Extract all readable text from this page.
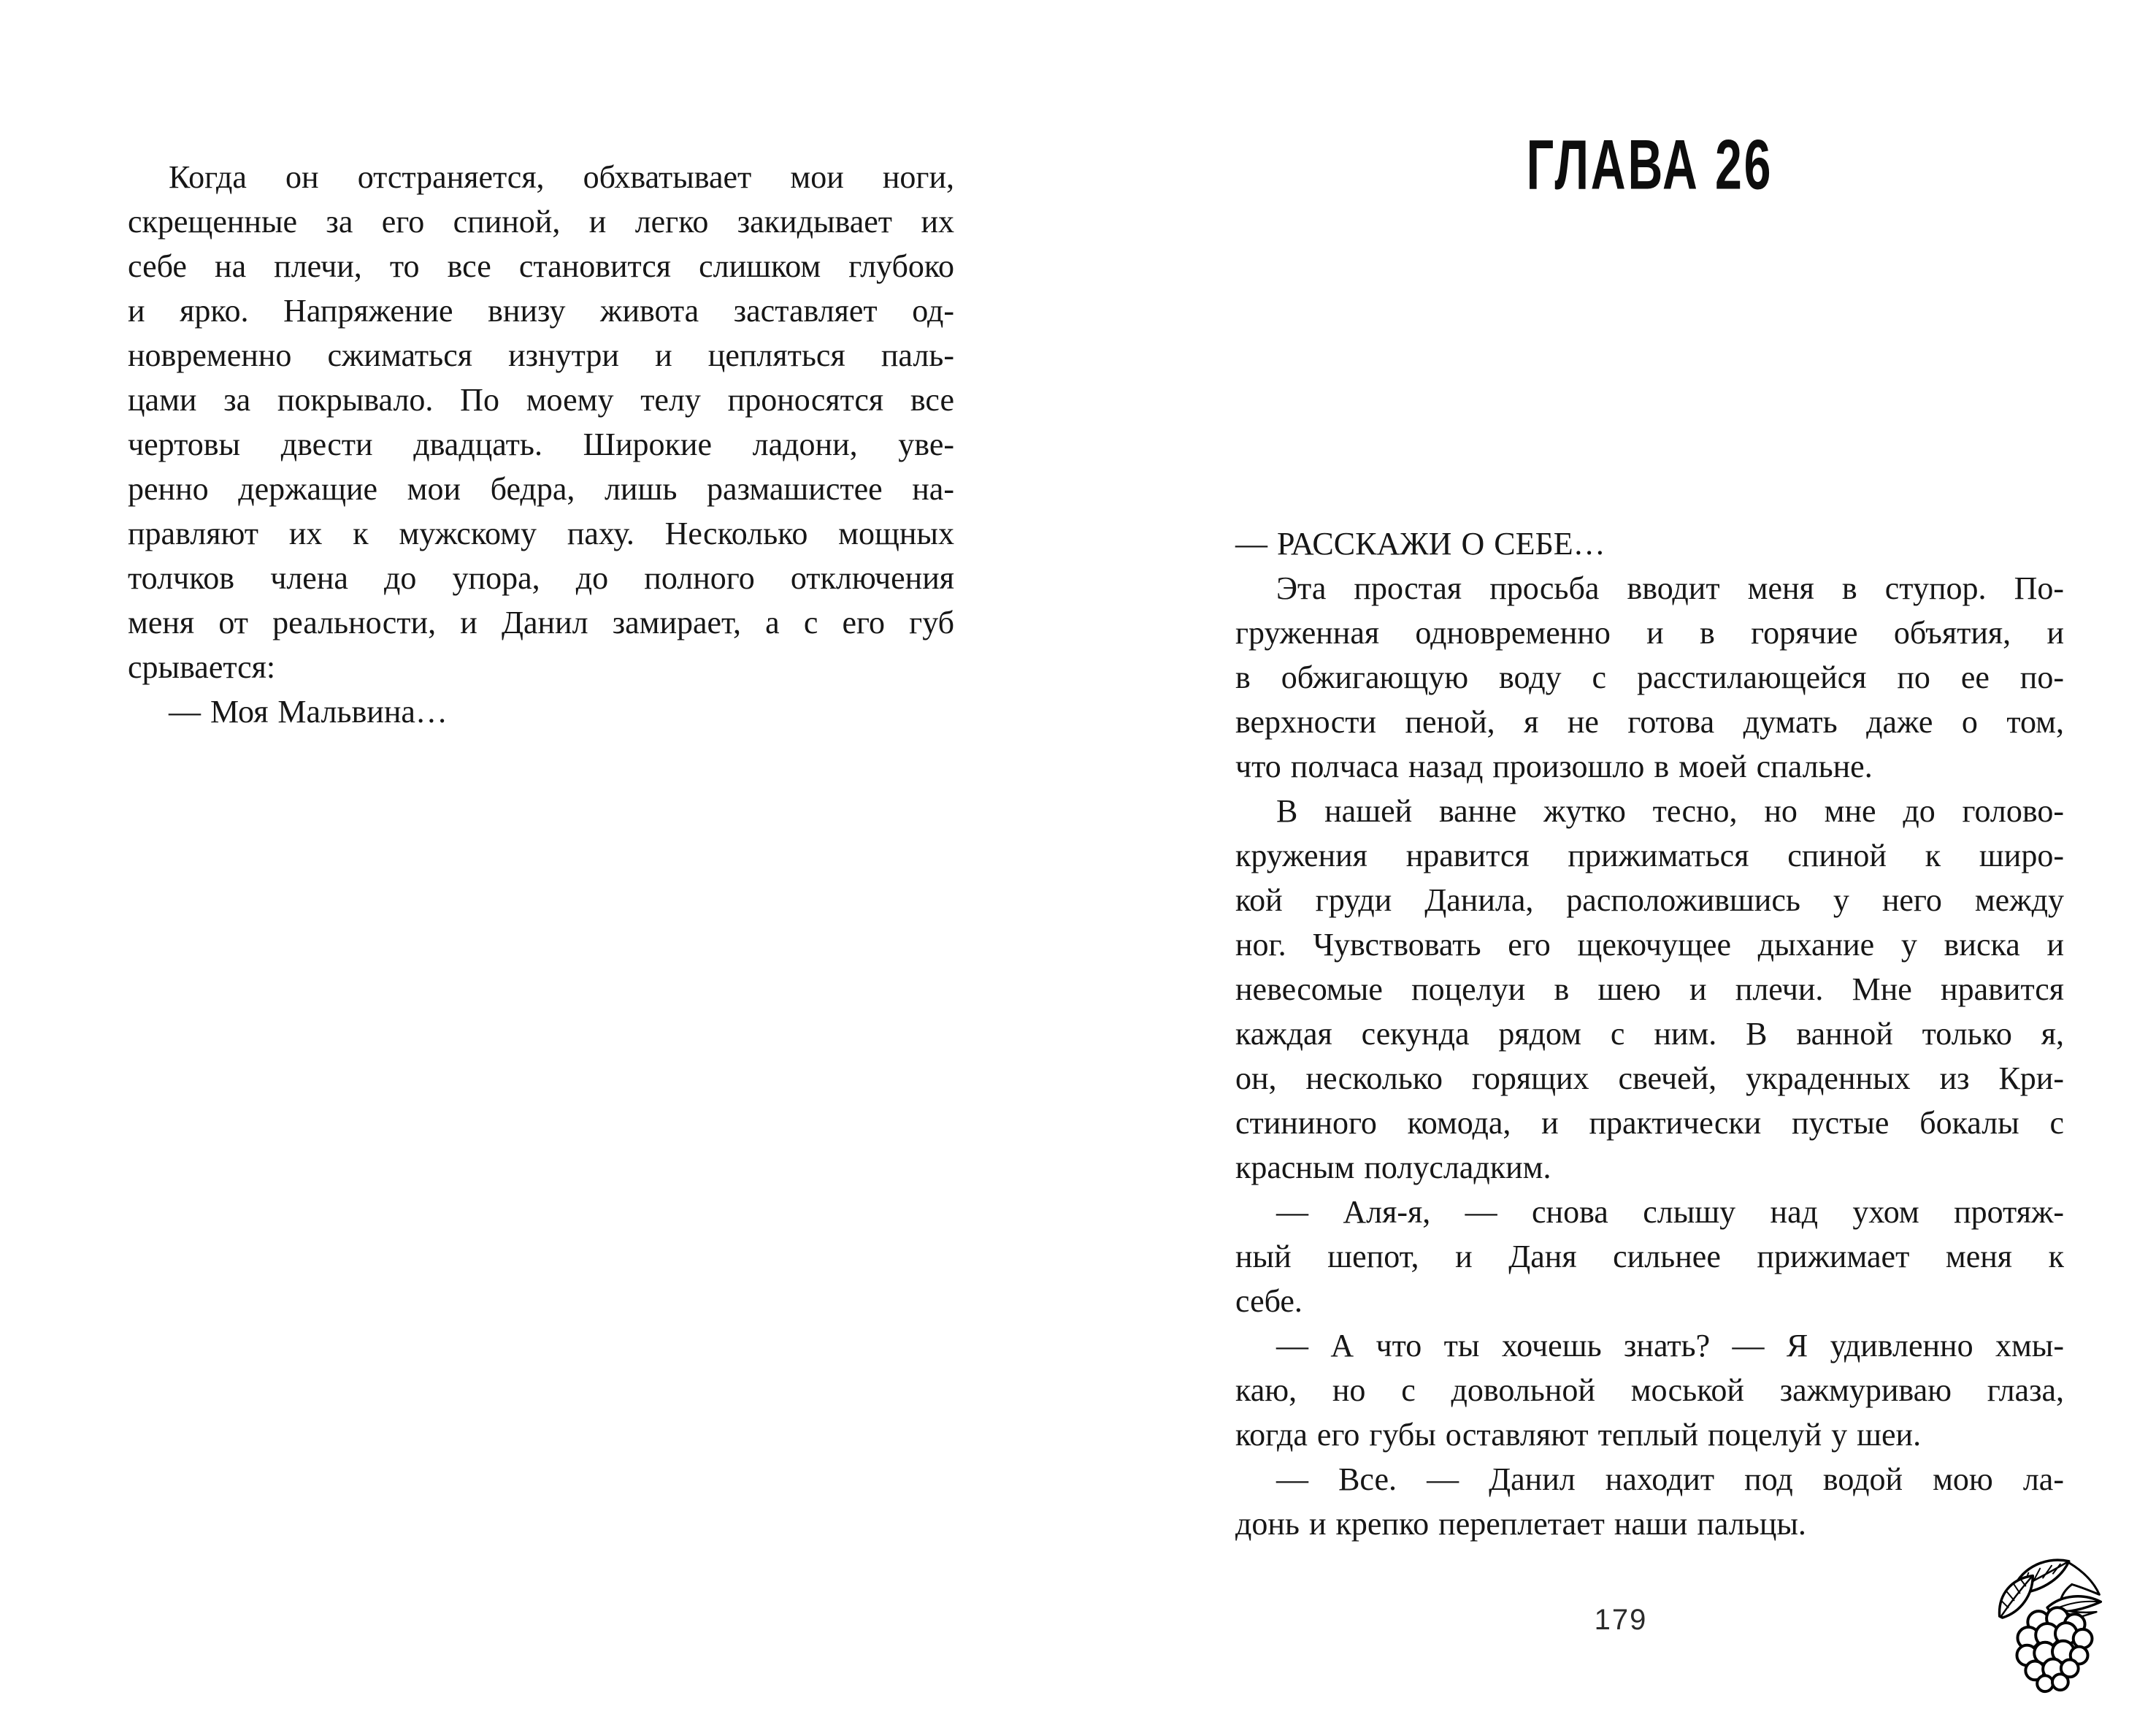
Когда он отстраняется, обхватывает мои ноги,
скрещенные за его спиной, и легко закидывает их
себе на плечи, то все становится слишком глубоко
и ярко. Напряжение внизу живота заставляет од-
новременно сжиматься изнутри и цепляться паль-
цами за покрывало. По моему телу проносятся все
чертовы двести двадцать. Широкие ладони, уве-
ренно держащие мои бедра, лишь размашистее на-
правляют их к мужскому паху. Несколько мощных
толчков члена до упора, до полного отключения
меня от реальности, и Данил замирает, а с его губ
срывается:
— Моя Мальвина…
ГЛАВА 26
— РАССКАЖИ О СЕБЕ…
Эта простая просьба вводит меня в ступор. По-
груженная одновременно и в горячие объятия, и
в обжигающую воду с расстилающейся по ее по-
верхности пеной, я не готова думать даже о том,
что полчаса назад произошло в моей спальне.
В нашей ванне жутко тесно, но мне до голово-
кружения нравится прижиматься спиной к широ-
кой груди Данила, расположившись у него между
ног. Чувствовать его щекочущее дыхание у виска и
невесомые поцелуи в шею и плечи. Мне нравится
каждая секунда рядом с ним. В ванной только я,
он, несколько горящих свечей, украденных из Кри-
стининого комода, и практически пустые бокалы с
красным полусладким.
— Аля-я, — снова слышу над ухом протяж-
ный шепот, и Даня сильнее прижимает меня к
себе.
— А что ты хочешь знать? — Я удивленно хмы-
каю, но с довольной моськой зажмуриваю глаза,
когда его губы оставляют теплый поцелуй у шеи.
— Все. — Данил находит под водой мою ла-
донь и крепко переплетает наши пальцы.
179
